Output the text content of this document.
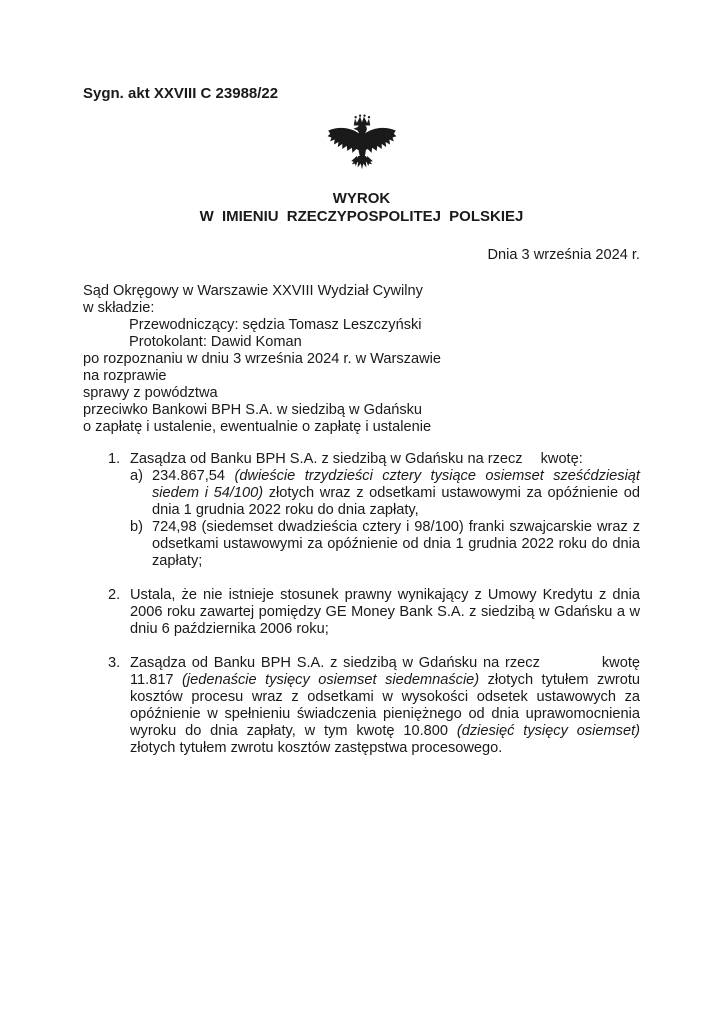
Sygn. akt XXVIII C 23988/22
WYROK
W IMIENIU RZECZYPOSPOLITEJ POLSKIEJ
Dnia 3 września 2024 r.
Sąd Okręgowy w Warszawie XXVIII Wydział Cywilny
w składzie:
Przewodniczący: sędzia Tomasz Leszczyński
Protokolant: Dawid Koman
po rozpoznaniu w dniu 3 września 2024 r. w Warszawie
na rozprawie
sprawy z powództwa
przeciwko Bankowi BPH S.A. w siedzibą w Gdańsku
o zapłatę i ustalenie, ewentualnie o zapłatę i ustalenie
1. Zasądza od Banku BPH S.A. z siedzibą w Gdańsku na rzecz kwotę:
a) 234.867,54 (dwieście trzydzieści cztery tysiące osiemset sześćdziesiąt siedem i 54/100) złotych wraz z odsetkami ustawowymi za opóźnienie od dnia 1 grudnia 2022 roku do dnia zapłaty,
b) 724,98 (siedemset dwadzieścia cztery i 98/100) franki szwajcarskie wraz z odsetkami ustawowymi za opóźnienie od dnia 1 grudnia 2022 roku do dnia zapłaty;
2. Ustala, że nie istnieje stosunek prawny wynikający z Umowy Kredytu z dnia 2006 roku zawartej pomiędzy GE Money Bank S.A. z siedzibą w Gdańsku a w dniu 6 października 2006 roku;
3. Zasądza od Banku BPH S.A. z siedzibą w Gdańsku na rzecz	kwotę 11.817 (jedenaście tysięcy osiemset siedemnaście) złotych tytułem zwrotu kosztów procesu wraz z odsetkami w wysokości odsetek ustawowych za opóźnienie w spełnieniu świadczenia pieniężnego od dnia uprawomocnienia wyroku do dnia zapłaty, w tym kwotę 10.800 (dziesięć tysięcy osiemset) złotych tytułem zwrotu kosztów zastępstwa procesowego.
